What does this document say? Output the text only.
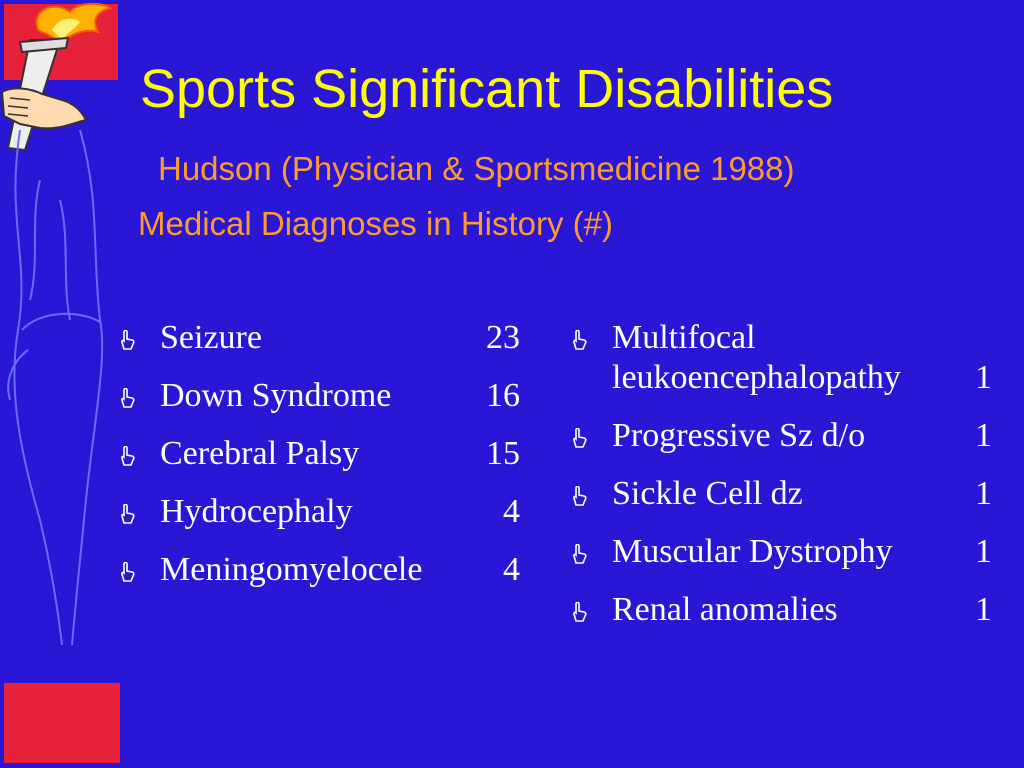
Sports Significant Disabilities
Hudson (Physician & Sportsmedicine 1988)
Medical Diagnoses in History (#)
Seizure	23
Down Syndrome	16
Cerebral Palsy	15
Hydrocephaly	4
Meningomyelocele 4
Multifocal
leukoencephalopathy 1
Progressive Sz d/o	1
Sickle Cell dz	1
Muscular Dystrophy 1
Renal anomalies	1
